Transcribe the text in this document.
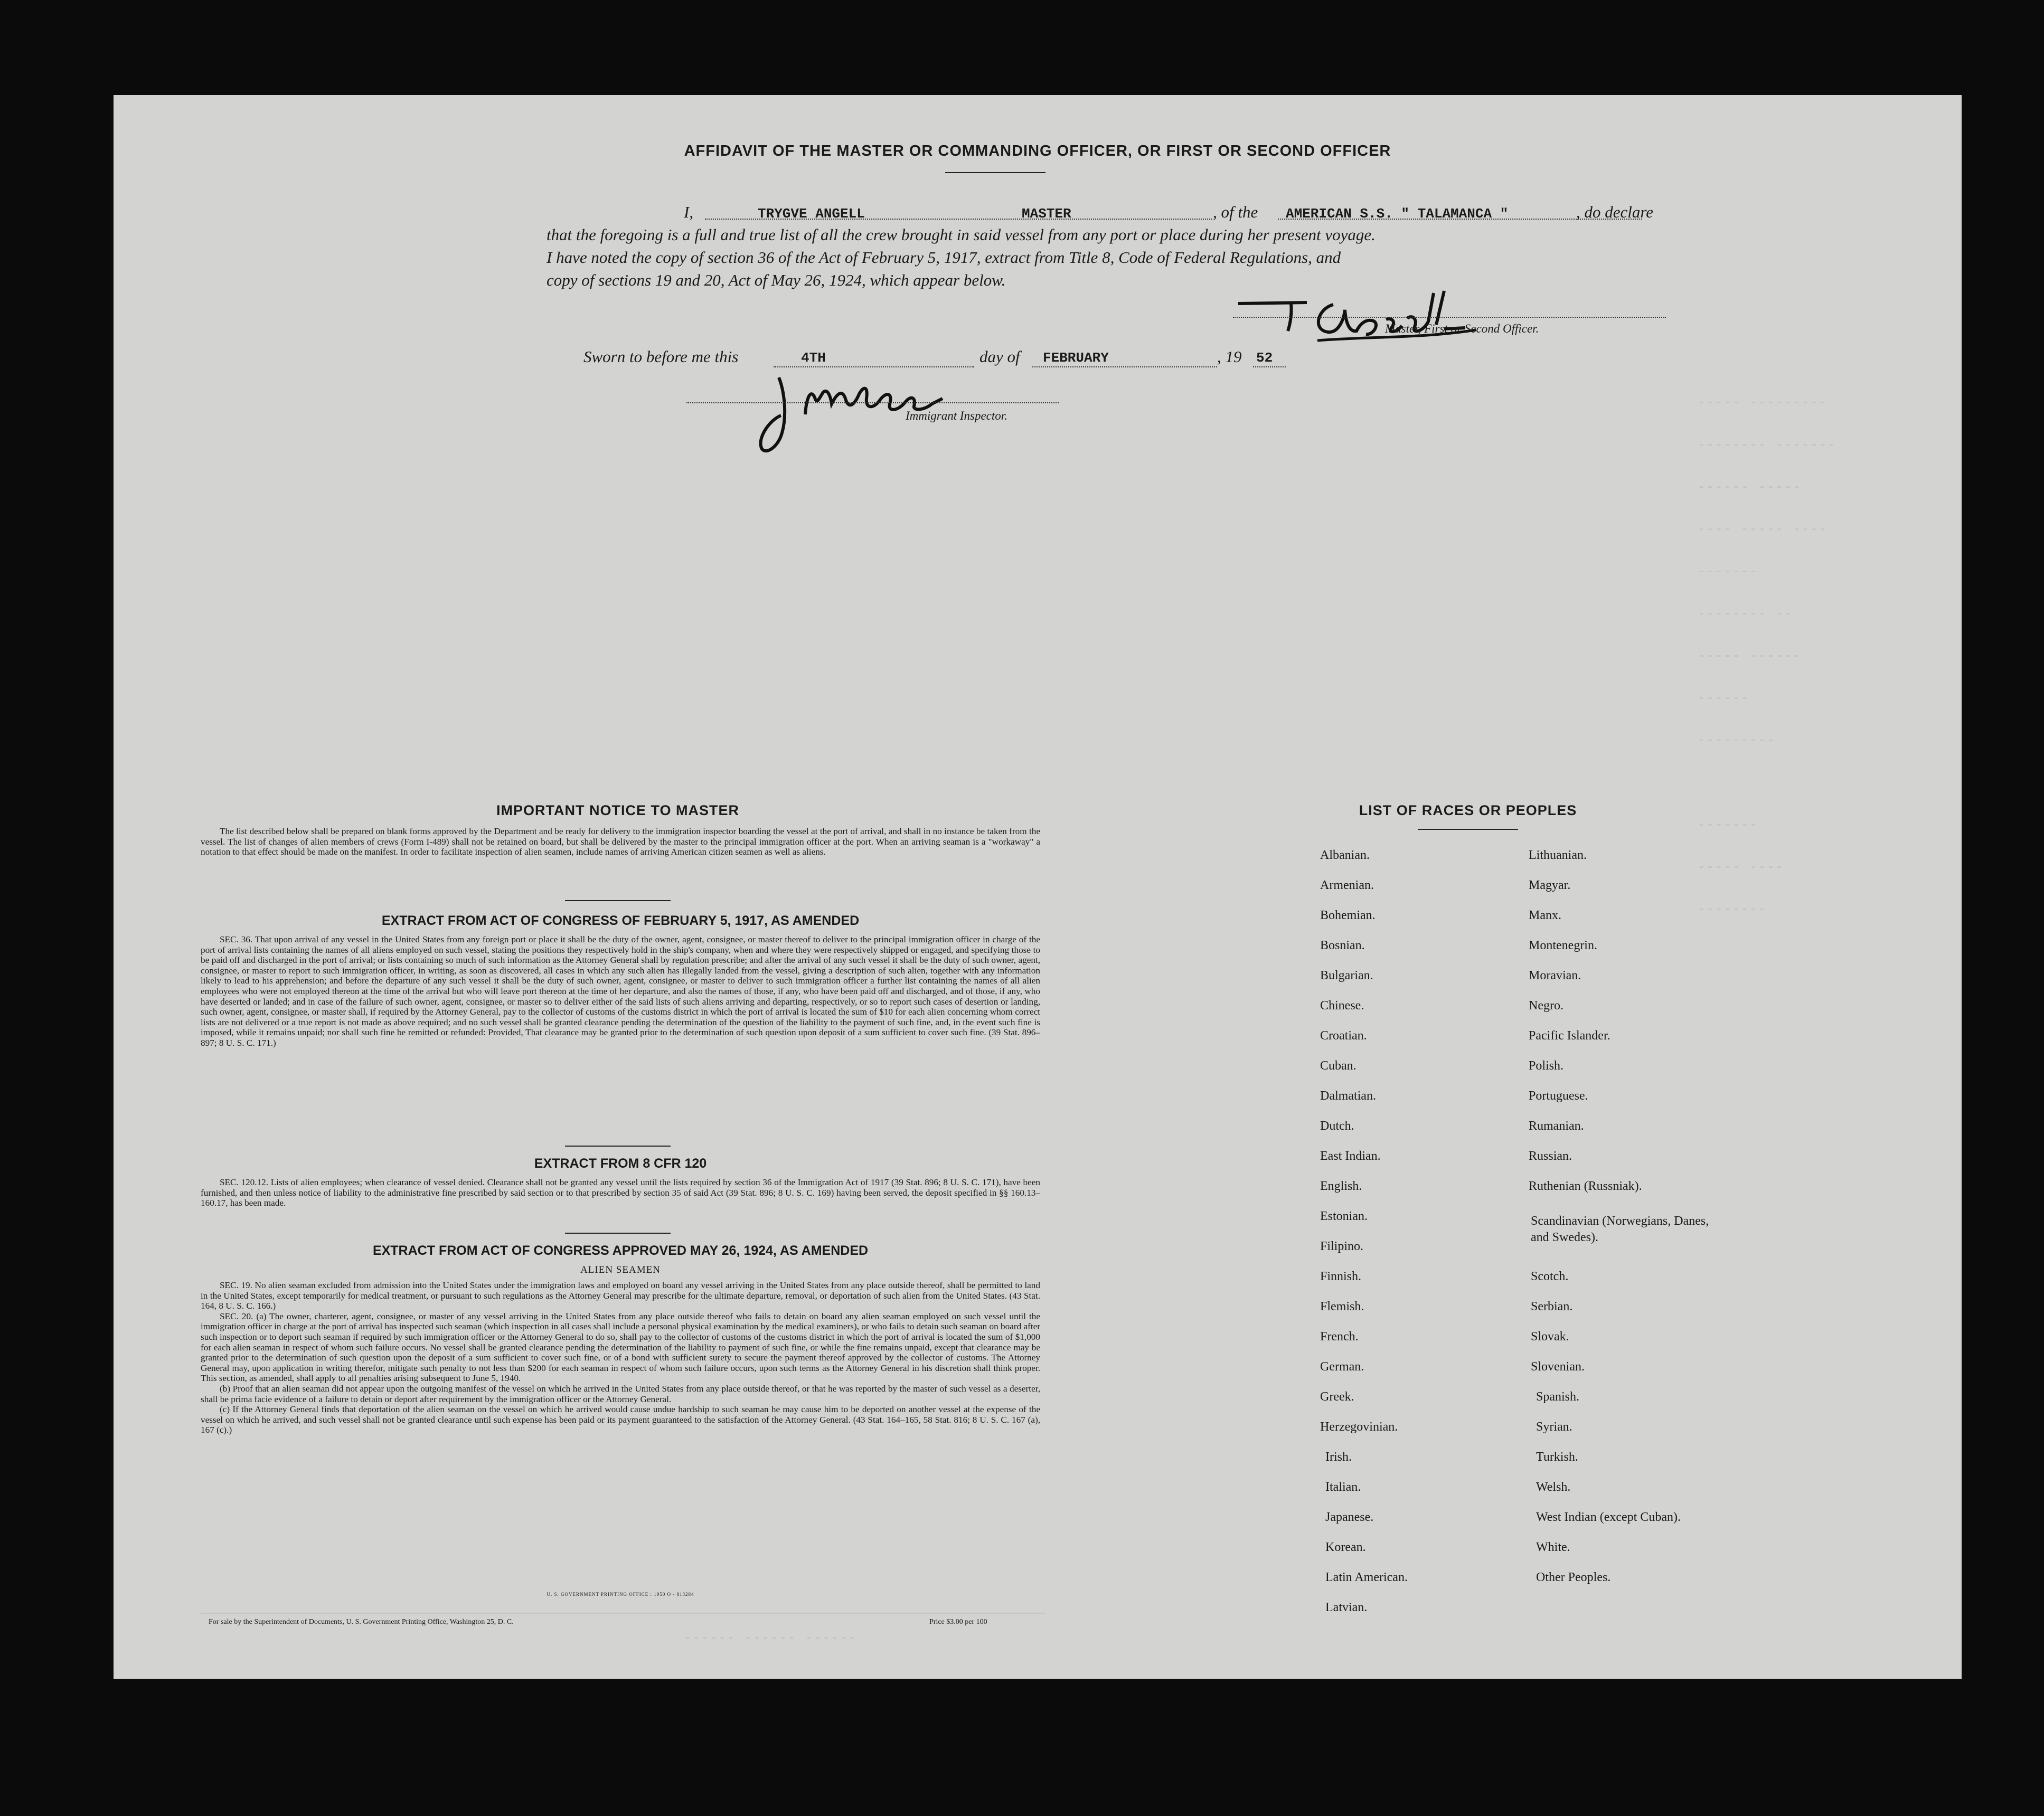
----- ---------
-------- -------
------ -----
---- ----- ----
-------
-------- --
----- ------
------
---------
-------
----- ----
--------
------ ------ ------
AFFIDAVIT OF THE MASTER OR COMMANDING OFFICER, OR FIRST OR SECOND OFFICER
I,	TRYGVE ANGELL	MASTER	, of the AMERICAN S.S. " TALAMANCA "	, do declare
that the foregoing is a full and true list of all the crew brought in said vessel from any port or place during her present voyage.
I have noted the copy of section 36 of the Act of February 5, 1917, extract from Title 8, Code of Federal Regulations, and
copy of sections 19 and 20, Act of May 26, 1924, which appear below.
Master, First or Second Officer.
Sworn to before me this	4TH	day of FEBRUARY	, 19 52
Immigrant Inspector.
IMPORTANT NOTICE TO MASTER

The list described below shall be prepared on blank forms approved by the Department and be ready for delivery to the immigration inspector boarding the vessel at the port of arrival, and shall in no instance be taken from the vessel. The list of changes of alien members of crews (Form I-489) shall not be retained on board, but shall be delivered by the master to the principal immigration officer at the port. When an arriving seaman is a "workaway" a notation to that effect should be made on the manifest. In order to facilitate inspection of alien seamen, include names of arriving American citizen seamen as well as aliens.

EXTRACT FROM ACT OF CONGRESS OF FEBRUARY 5, 1917, AS AMENDED

SEC. 36. That upon arrival of any vessel in the United States from any foreign port or place it shall be the duty of the owner, agent, consignee, or master thereof to deliver to the principal immigration officer in charge of the port of arrival lists containing the names of all aliens employed on such vessel, stating the positions they respectively hold in the ship's company, when and where they were respectively shipped or engaged, and specifying those to be paid off and discharged in the port of arrival; or lists containing so much of such information as the Attorney General shall by regulation prescribe; and after the arrival of any such vessel it shall be the duty of such owner, agent, consignee, or master to report to such immigration officer, in writing, as soon as discovered, all cases in which any such alien has illegally landed from the vessel, giving a description of such alien, together with any information likely to lead to his apprehension; and before the departure of any such vessel it shall be the duty of such owner, agent, consignee, or master to deliver to such immigration officer a further list containing the names of all alien employees who were not employed thereon at the time of the arrival but who will leave port thereon at the time of her departure, and also the names of those, if any, who have been paid off and discharged, and of those, if any, who have deserted or landed; and in case of the failure of such owner, agent, consignee, or master so to deliver either of the said lists of such aliens arriving and departing, respectively, or so to report such cases of desertion or landing, such owner, agent, consignee, or master shall, if required by the Attorney General, pay to the collector of customs of the customs district in which the port of arrival is located the sum of $10 for each alien concerning whom correct lists are not delivered or a true report is not made as above required; and no such vessel shall be granted clearance pending the determination of the question of the liability to the payment of such fine, and, in the event such fine is imposed, while it remains unpaid; nor shall such fine be remitted or refunded: Provided, That clearance may be granted prior to the determination of such question upon deposit of a sum sufficient to cover such fine. (39 Stat. 896–897; 8 U. S. C. 171.)

EXTRACT FROM 8 CFR 120

SEC. 120.12. Lists of alien employees; when clearance of vessel denied. Clearance shall not be granted any vessel until the lists required by section 36 of the Immigration Act of 1917 (39 Stat. 896; 8 U. S. C. 171), have been furnished, and then unless notice of liability to the administrative fine prescribed by said section or to that prescribed by section 35 of said Act (39 Stat. 896; 8 U. S. C. 169) having been served, the deposit specified in §§ 160.13–160.17, has been made.

EXTRACT FROM ACT OF CONGRESS APPROVED MAY 26, 1924, AS AMENDED
ALIEN SEAMEN

SEC. 19. No alien seaman excluded from admission into the United States under the immigration laws and employed on board any vessel arriving in the United States from any place outside thereof, shall be permitted to land in the United States, except temporarily for medical treatment, or pursuant to such regulations as the Attorney General may prescribe for the ultimate departure, removal, or deportation of such alien from the United States. (43 Stat. 164, 8 U. S. C. 166.)

SEC. 20. (a) The owner, charterer, agent, consignee, or master of any vessel arriving in the United States from any place outside thereof who fails to detain on board any alien seaman employed on such vessel until the immigration officer in charge at the port of arrival has inspected such seaman (which inspection in all cases shall include a personal physical examination by the medical examiners), or who fails to detain such seaman on board after such inspection or to deport such seaman if required by such immigration officer or the Attorney General to do so, shall pay to the collector of customs of the customs district in which the port of arrival is located the sum of $1,000 for each alien seaman in respect of whom such failure occurs. No vessel shall be granted clearance pending the determination of the liability to payment of such fine, or while the fine remains unpaid, except that clearance may be granted prior to the determination of such question upon the deposit of a sum sufficient to cover such fine, or of a bond with sufficient surety to secure the payment thereof approved by the collector of customs. The Attorney General may, upon application in writing therefor, mitigate such penalty to not less than $200 for each seaman in respect of whom such failure occurs, upon such terms as the Attorney General in his discretion shall think proper. This section, as amended, shall apply to all penalties arising subsequent to June 5, 1940.

(b) Proof that an alien seaman did not appear upon the outgoing manifest of the vessel on which he arrived in the United States from any place outside thereof, or that he was reported by the master of such vessel as a deserter, shall be prima facie evidence of a failure to detain or deport after requirement by the immigration officer or the Attorney General.

(c) If the Attorney General finds that deportation of the alien seaman on the vessel on which he arrived would cause undue hardship to such seaman he may cause him to be deported on another vessel at the expense of the vessel on which he arrived, and such vessel shall not be granted clearance until such expense has been paid or its payment guaranteed to the satisfaction of the Attorney General. (43 Stat. 164–165, 58 Stat. 816; 8 U. S. C. 167 (a), 167 (c).)

U. S. GOVERNMENT PRINTING OFFICE : 1950 O - 813284
For sale by the Superintendent of Documents, U. S. Government Printing Office, Washington 25, D. C.	Price $3.00 per 100
LIST OF RACES OR PEOPLES
Albanian.
Armenian.
Bohemian.
Bosnian.
Bulgarian.
Chinese.
Croatian.
Cuban.
Dalmatian.
Dutch.
East Indian.
English.
Estonian.
Filipino.
Finnish.
Flemish.
French.
German.
Greek.
Herzegovinian.
Irish.
Italian.
Japanese.
Korean.
Latin American.
Latvian.
Lithuanian.
Magyar.
Manx.
Montenegrin.
Moravian.
Negro.
Pacific Islander.
Polish.
Portuguese.
Rumanian.
Russian.
Ruthenian (Russniak).
Scandinavian (Norwegians, Danes, and Swedes).
Scotch.
Serbian.
Slovak.
Slovenian.
Spanish.
Syrian.
Turkish.
Welsh.
West Indian (except Cuban).
White.
Other Peoples.
